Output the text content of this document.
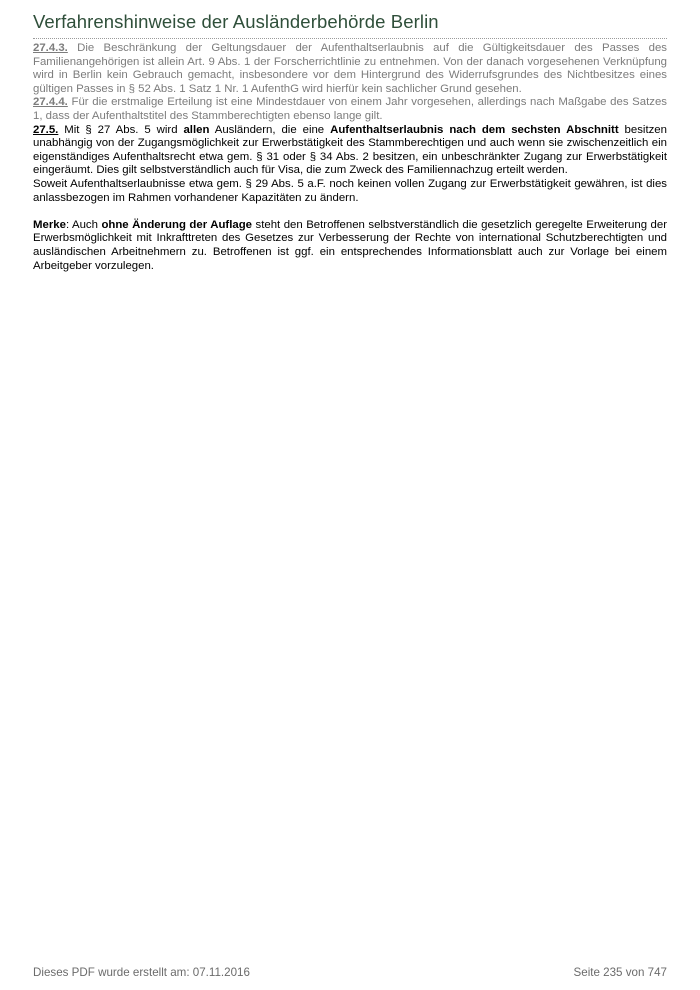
Verfahrenshinweise der Ausländerbehörde Berlin

27.4.3. Die Beschränkung der Geltungsdauer der Aufenthaltserlaubnis auf die Gültigkeitsdauer des Passes des Familienangehörigen ist allein Art. 9 Abs. 1 der Forscherrichtlinie zu entnehmen. Von der danach vorgesehenen Verknüpfung wird in Berlin kein Gebrauch gemacht, insbesondere vor dem Hintergrund des Widerrufsgrundes des Nichtbesitzes eines gültigen Passes in § 52 Abs. 1 Satz 1 Nr. 1 AufenthG wird hierfür kein sachlicher Grund gesehen.

27.4.4. Für die erstmalige Erteilung ist eine Mindestdauer von einem Jahr vorgesehen, allerdings nach Maßgabe des Satzes 1, dass der Aufenthaltstitel des Stammberechtigten ebenso lange gilt.

27.5. Mit § 27 Abs. 5 wird allen Ausländern, die eine Aufenthaltserlaubnis nach dem sechsten Abschnitt besitzen unabhängig von der Zugangsmöglichkeit zur Erwerbstätigkeit des Stammberechtigen und auch wenn sie zwischenzeitlich ein eigenständiges Aufenthaltsrecht etwa gem. § 31 oder § 34 Abs. 2 besitzen, ein unbeschränkter Zugang zur Erwerbstätigkeit eingeräumt. Dies gilt selbstverständlich auch für Visa, die zum Zweck des Familiennachzug erteilt werden.

Soweit Aufenthaltserlaubnisse etwa gem. § 29 Abs. 5 a.F. noch keinen vollen Zugang zur Erwerbstätigkeit gewähren, ist dies anlassbezogen im Rahmen vorhandener Kapazitäten zu ändern.

Merke: Auch ohne Änderung der Auflage steht den Betroffenen selbstverständlich die gesetzlich geregelte Erweiterung der Erwerbsmöglichkeit mit Inkrafttreten des Gesetzes zur Verbesserung der Rechte von international Schutzberechtigten und ausländischen Arbeitnehmern zu. Betroffenen ist ggf. ein entsprechendes Informationsblatt auch zur Vorlage bei einem Arbeitgeber vorzulegen.

Dieses PDF wurde erstellt am: 07.11.2016	Seite 235 von 747
